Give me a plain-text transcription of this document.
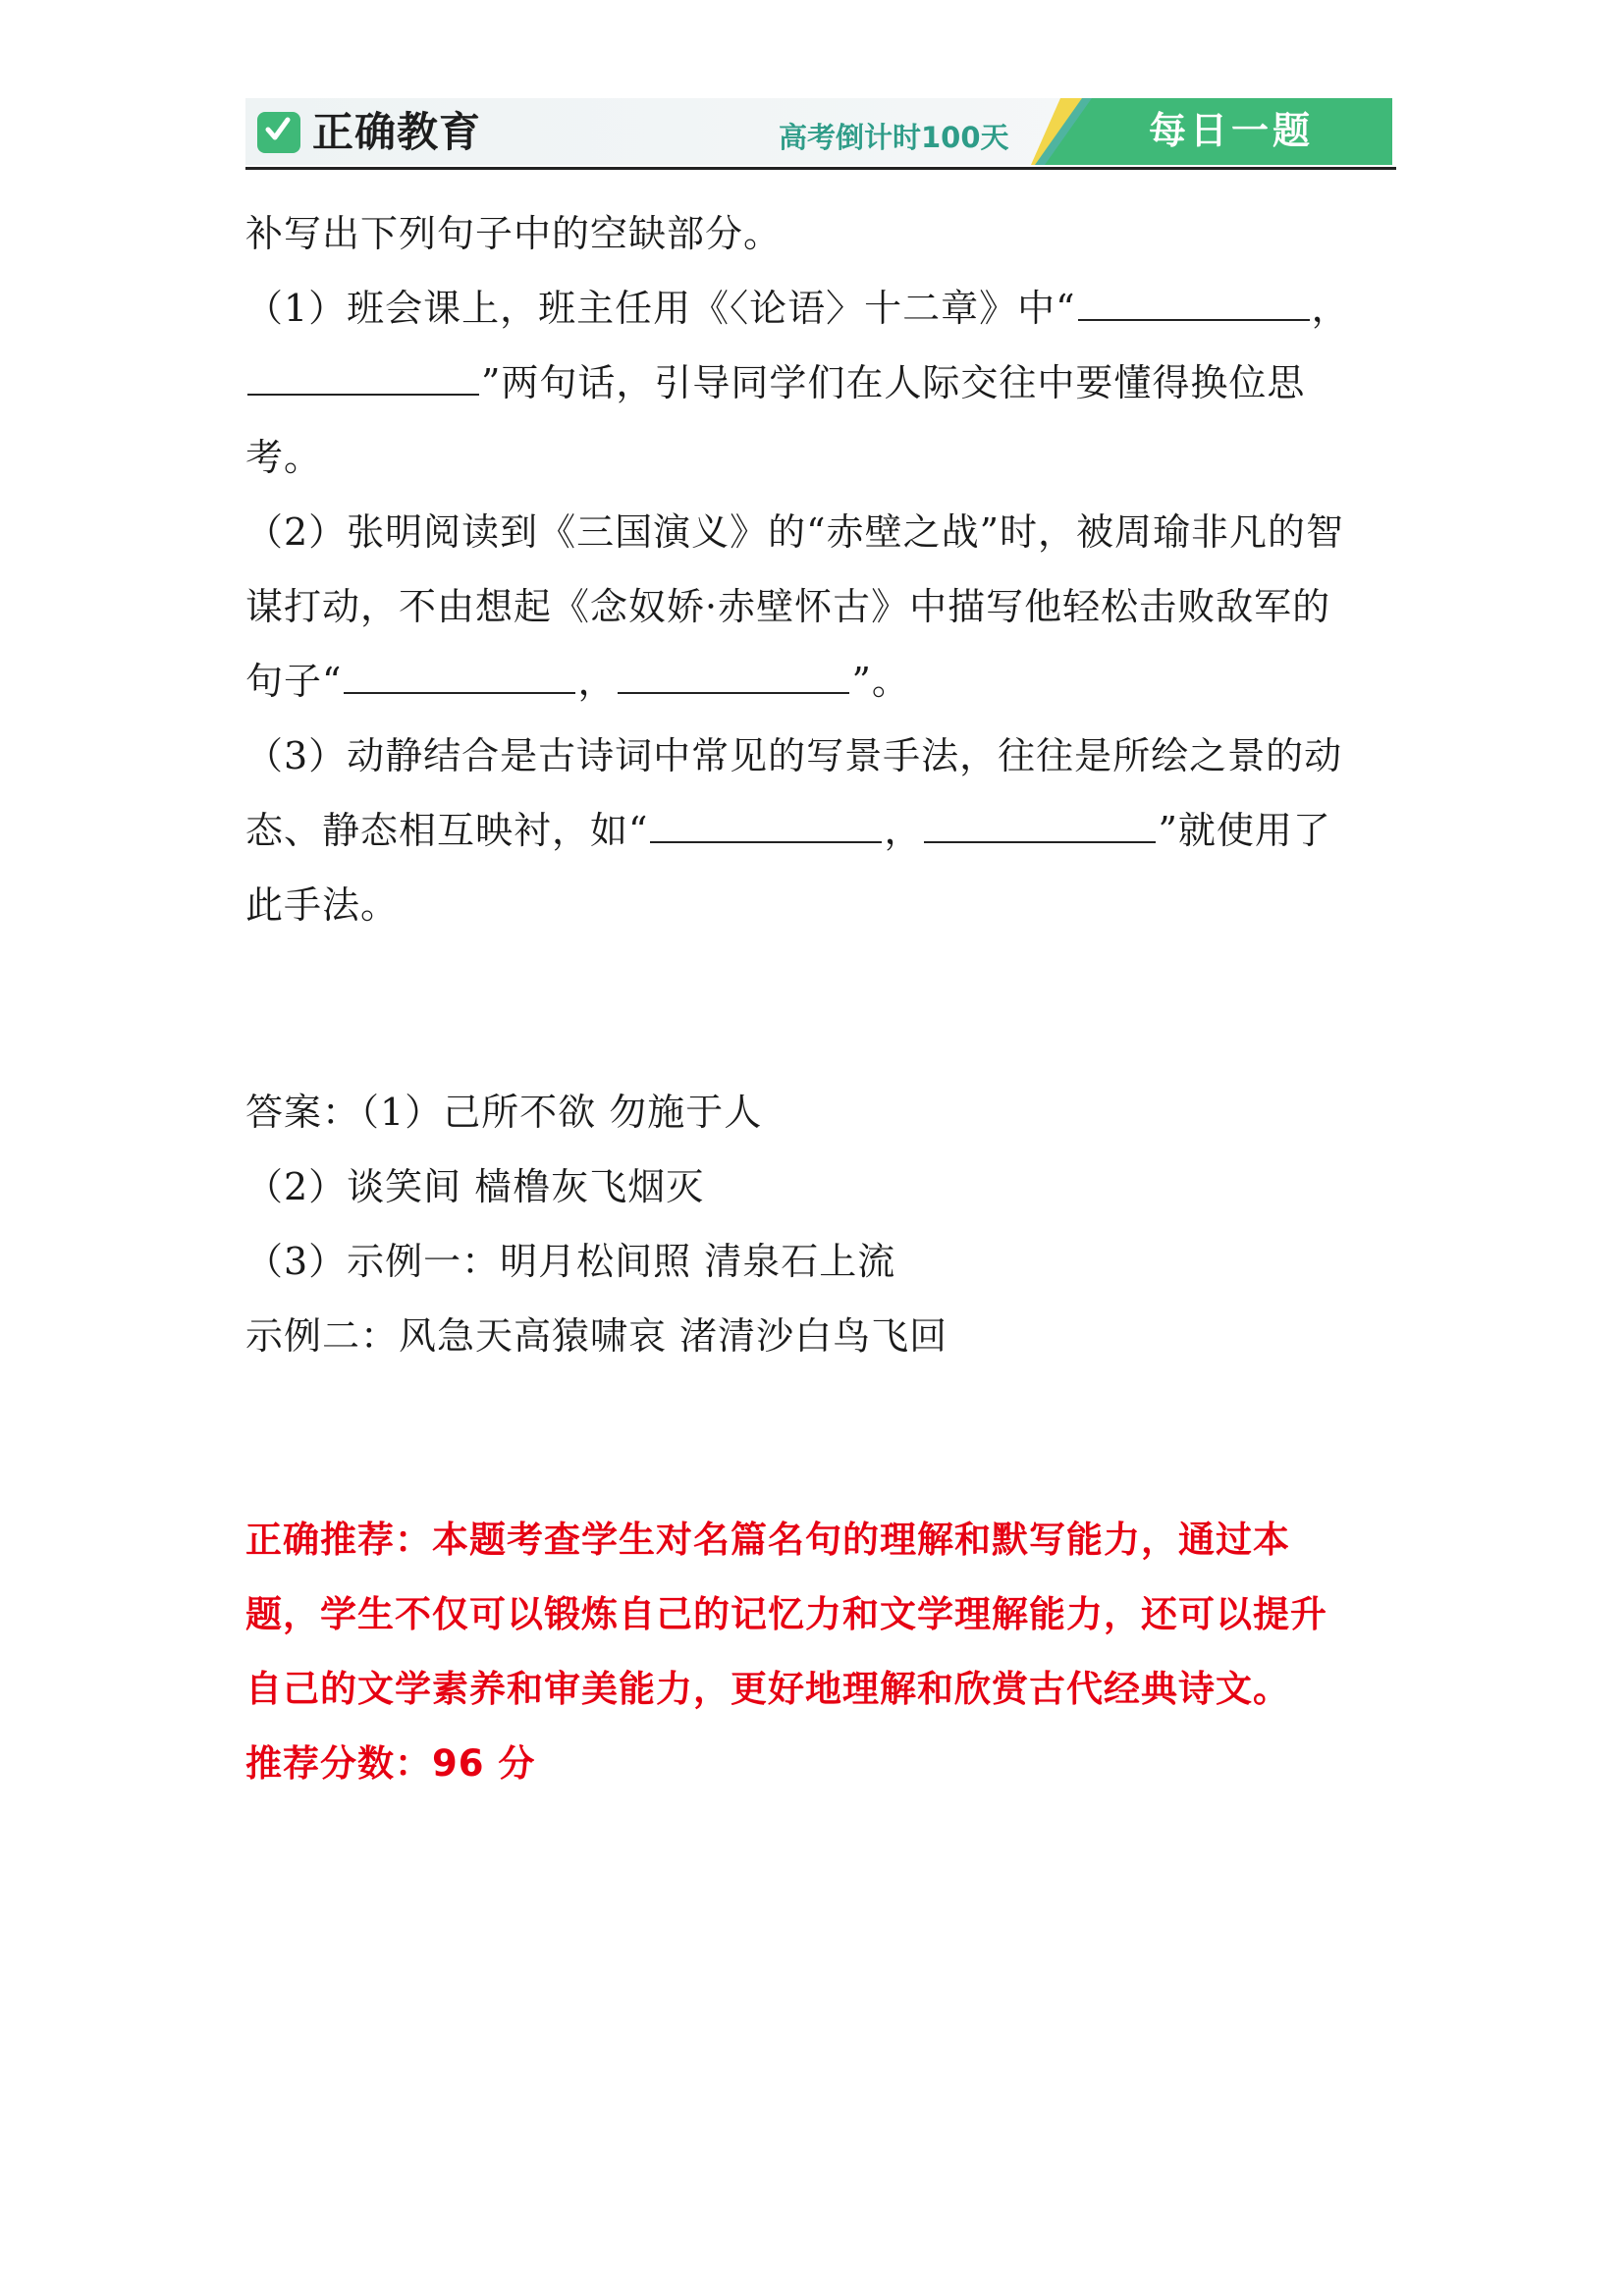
正确教育	高考倒计时100天	每日一题
补写出下列句子中的空缺部分。
（1）班会课上，班主任用《〈论语〉十二章》中“	，
”两句话，引导同学们在人际交往中要懂得换位思
考。
（2）张明阅读到《三国演义》的“赤壁之战”时，被周瑜非凡的智
谋打动，不由想起《念奴娇·赤壁怀古》中描写他轻松击败敌军的
句子“	，	”。
（3）动静结合是古诗词中常见的写景手法，往往是所绘之景的动
态、静态相互映衬，如“	，	”就使用了
此手法。
答案：（1）己所不欲 勿施于人
（2）谈笑间 樯橹灰飞烟灭
（3）示例一：明月松间照 清泉石上流
示例二：风急天高猿啸哀 渚清沙白鸟飞回
正确推荐：本题考查学生对名篇名句的理解和默写能力，通过本
题，学生不仅可以锻炼自己的记忆力和文学理解能力，还可以提升
自己的文学素养和审美能力，更好地理解和欣赏古代经典诗文。
推荐分数：96 分
